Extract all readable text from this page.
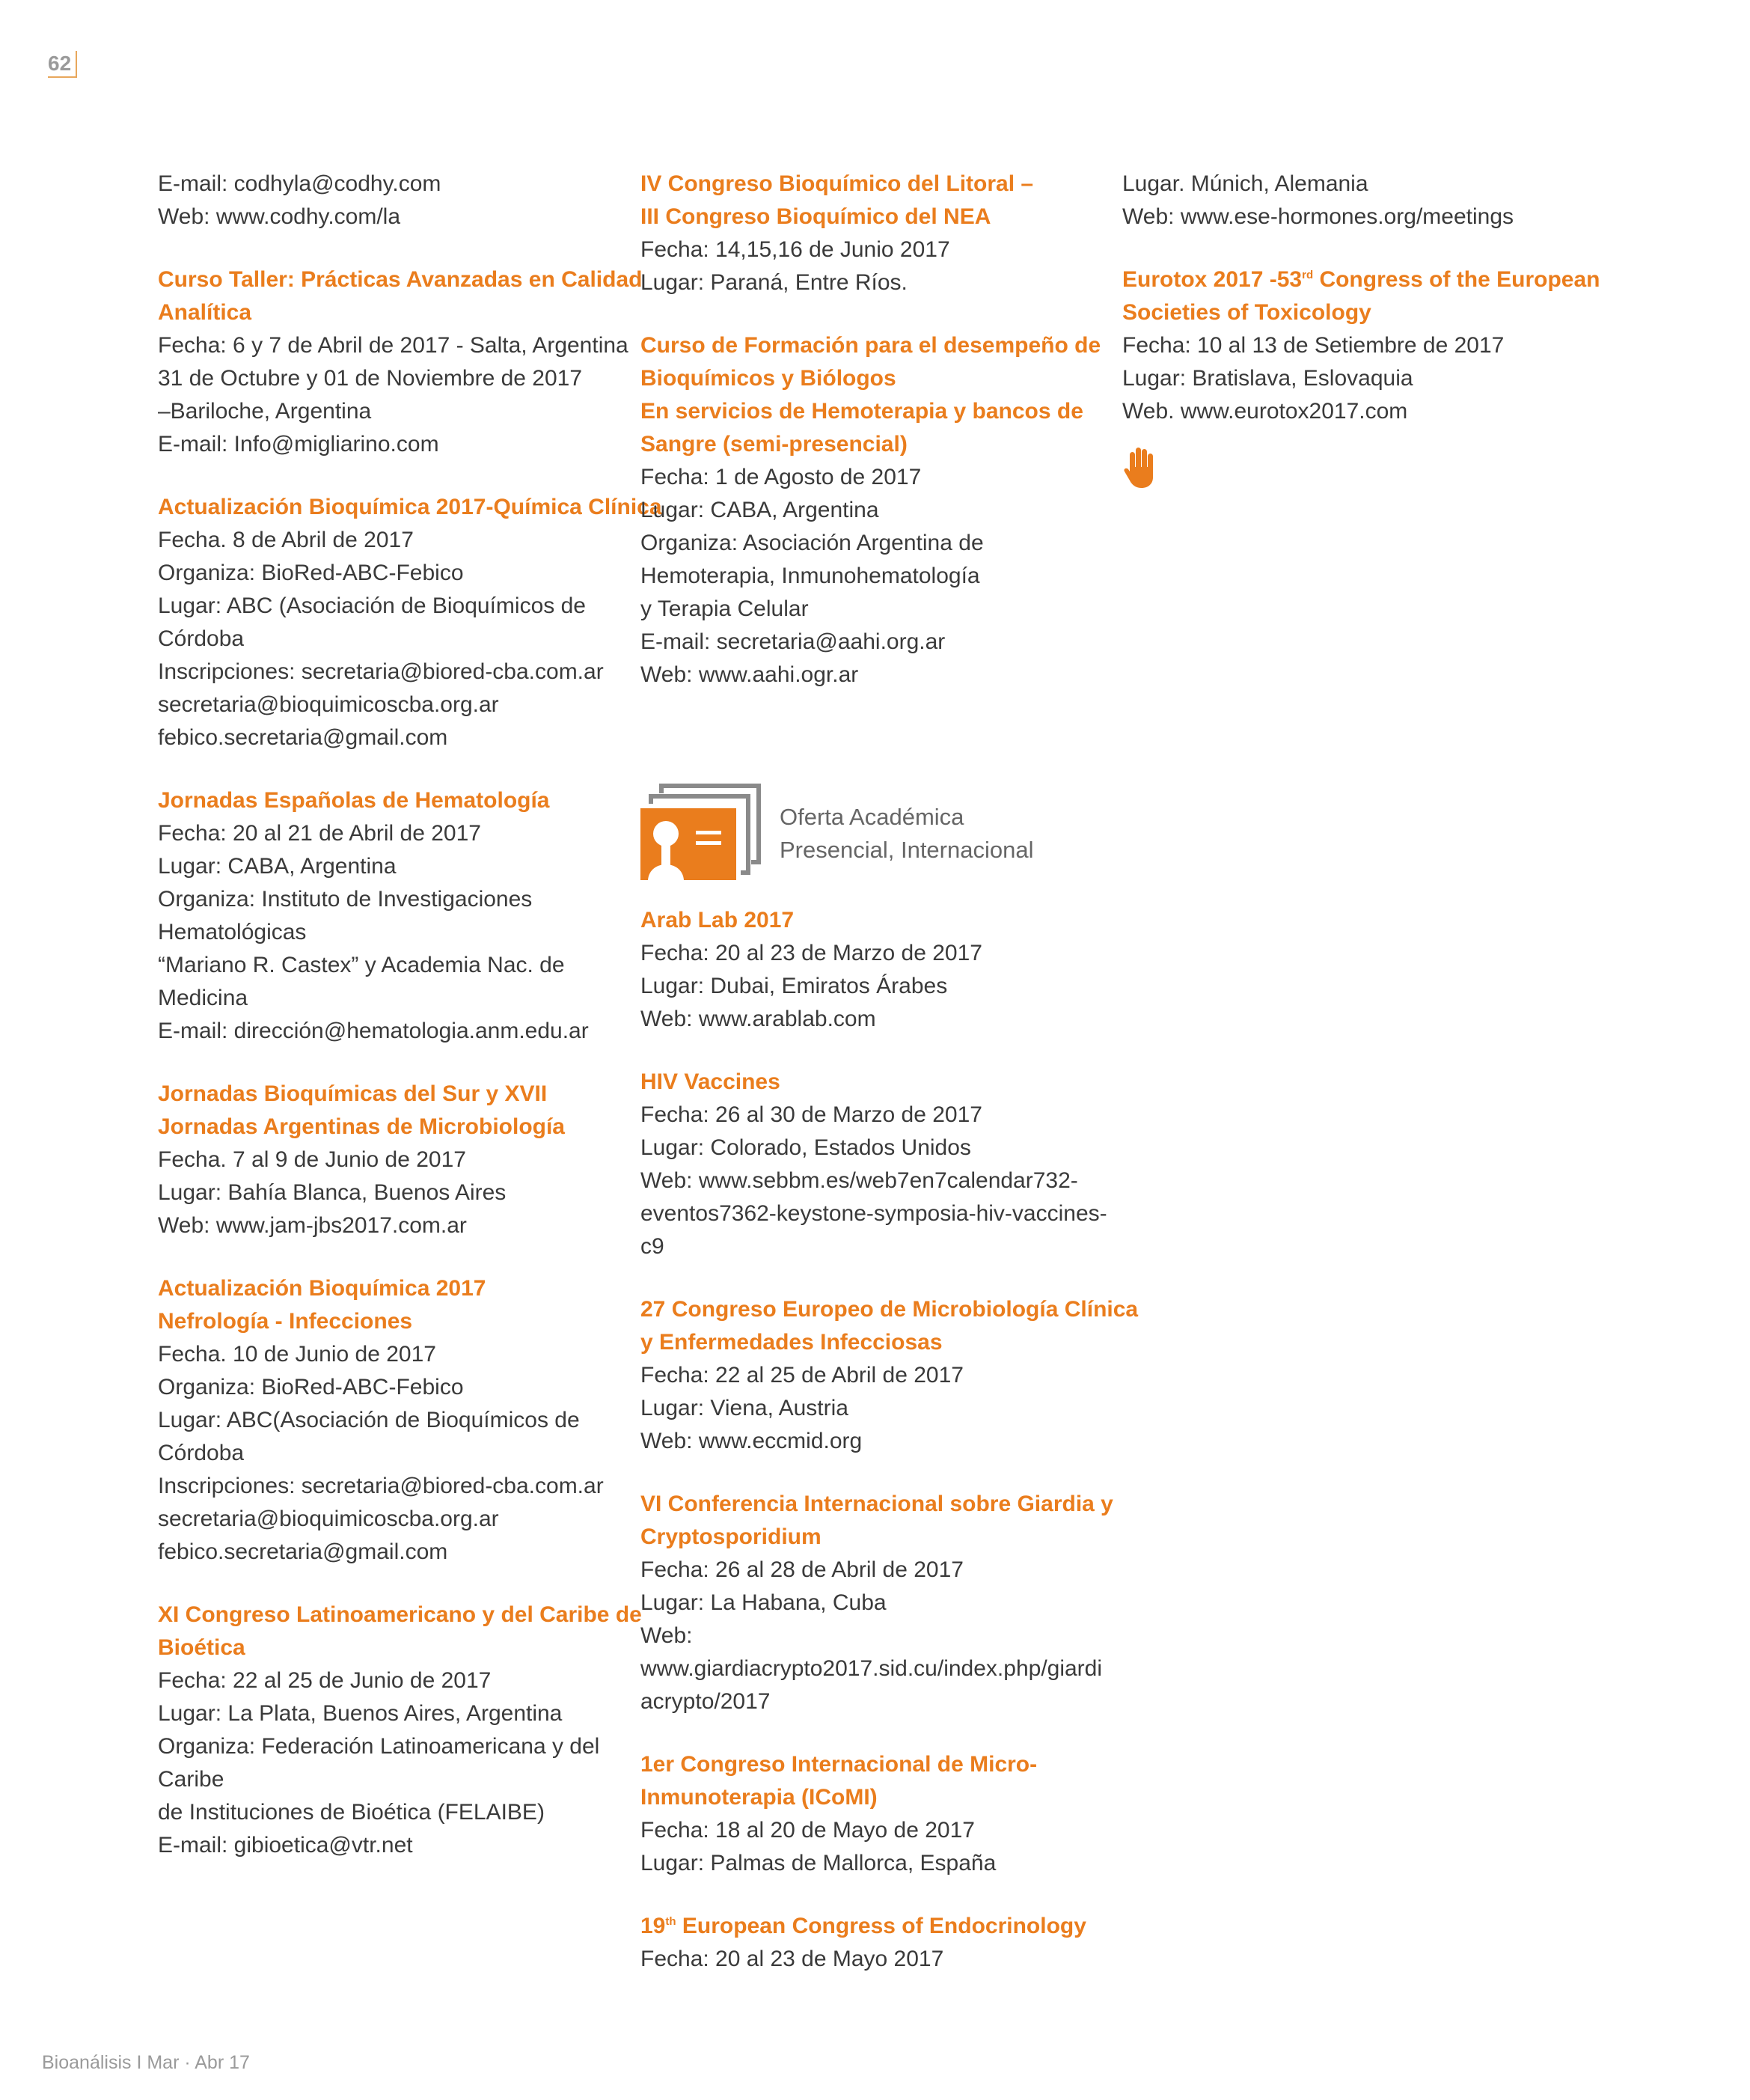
62
E-mail: codhyla@codhy.com
Web: www.codhy.com/la
Curso Taller: Prácticas Avanzadas en Calidad
Analítica
Fecha: 6 y 7 de Abril de 2017 - Salta, Argentina
31 de Octubre y 01 de Noviembre de 2017
–Bariloche, Argentina
E-mail: Info@migliarino.com
Actualización Bioquímica 2017-Química Clínica
Fecha. 8 de Abril de 2017
Organiza: BioRed-ABC-Febico
Lugar: ABC (Asociación de Bioquímicos de
Córdoba
Inscripciones: secretaria@biored-cba.com.ar
secretaria@bioquimicoscba.org.ar
febico.secretaria@gmail.com
Jornadas Españolas de Hematología
Fecha: 20 al 21 de Abril de 2017
Lugar: CABA, Argentina
Organiza: Instituto de Investigaciones
Hematológicas
“Mariano R. Castex” y Academia Nac. de
Medicina
E-mail: dirección@hematologia.anm.edu.ar
Jornadas Bioquímicas del Sur y XVII
Jornadas Argentinas de Microbiología
Fecha. 7 al 9 de Junio de 2017
Lugar: Bahía Blanca, Buenos Aires
Web: www.jam-jbs2017.com.ar
Actualización Bioquímica 2017
Nefrología - Infecciones
Fecha. 10 de Junio de 2017
Organiza: BioRed-ABC-Febico
Lugar: ABC(Asociación de Bioquímicos de
Córdoba
Inscripciones: secretaria@biored-cba.com.ar
secretaria@bioquimicoscba.org.ar
febico.secretaria@gmail.com
XI Congreso Latinoamericano y del Caribe de
Bioética
Fecha: 22 al 25 de Junio de 2017
Lugar: La Plata, Buenos Aires, Argentina
Organiza: Federación Latinoamericana y del
Caribe
de Instituciones de Bioética (FELAIBE)
E-mail: gibioetica@vtr.net
IV Congreso Bioquímico del Litoral –
III Congreso Bioquímico del NEA
Fecha: 14,15,16 de Junio 2017
Lugar: Paraná, Entre Ríos.
Curso de Formación para el desempeño de
Bioquímicos y Biólogos
En servicios de Hemoterapia y bancos de
Sangre (semi-presencial)
Fecha: 1 de Agosto de 2017
Lugar: CABA, Argentina
Organiza: Asociación Argentina de
Hemoterapia, Inmunohematología
y Terapia Celular
E-mail: secretaria@aahi.org.ar
Web: www.aahi.ogr.ar
Oferta Académica
Presencial, Internacional
Arab Lab 2017
Fecha: 20 al 23 de Marzo de 2017
Lugar: Dubai, Emiratos Árabes
Web: www.arablab.com
HIV Vaccines
Fecha: 26 al 30 de Marzo de 2017
Lugar: Colorado, Estados Unidos
Web: www.sebbm.es/web7en7calendar732-
eventos7362-keystone-symposia-hiv-vaccines-
c9
27 Congreso Europeo de Microbiología Clínica
y Enfermedades Infecciosas
Fecha: 22 al 25 de Abril de 2017
Lugar: Viena, Austria
Web: www.eccmid.org
VI Conferencia Internacional sobre Giardia y
Cryptosporidium
Fecha: 26 al 28 de Abril de 2017
Lugar: La Habana, Cuba
Web:
www.giardiacrypto2017.sid.cu/index.php/giardi
acrypto/2017
1er Congreso Internacional de Micro-
Inmunoterapia (ICoMI)
Fecha: 18 al 20 de Mayo de 2017
Lugar: Palmas de Mallorca, España
19th European Congress of Endocrinology
Fecha: 20 al 23 de Mayo 2017
Lugar. Múnich, Alemania
Web: www.ese-hormones.org/meetings
Eurotox 2017 -53rd Congress of the European
Societies of Toxicology
Fecha: 10 al 13 de Setiembre de 2017
Lugar: Bratislava, Eslovaquia
Web. www.eurotox2017.com
Bioanálisis I Mar · Abr 17
